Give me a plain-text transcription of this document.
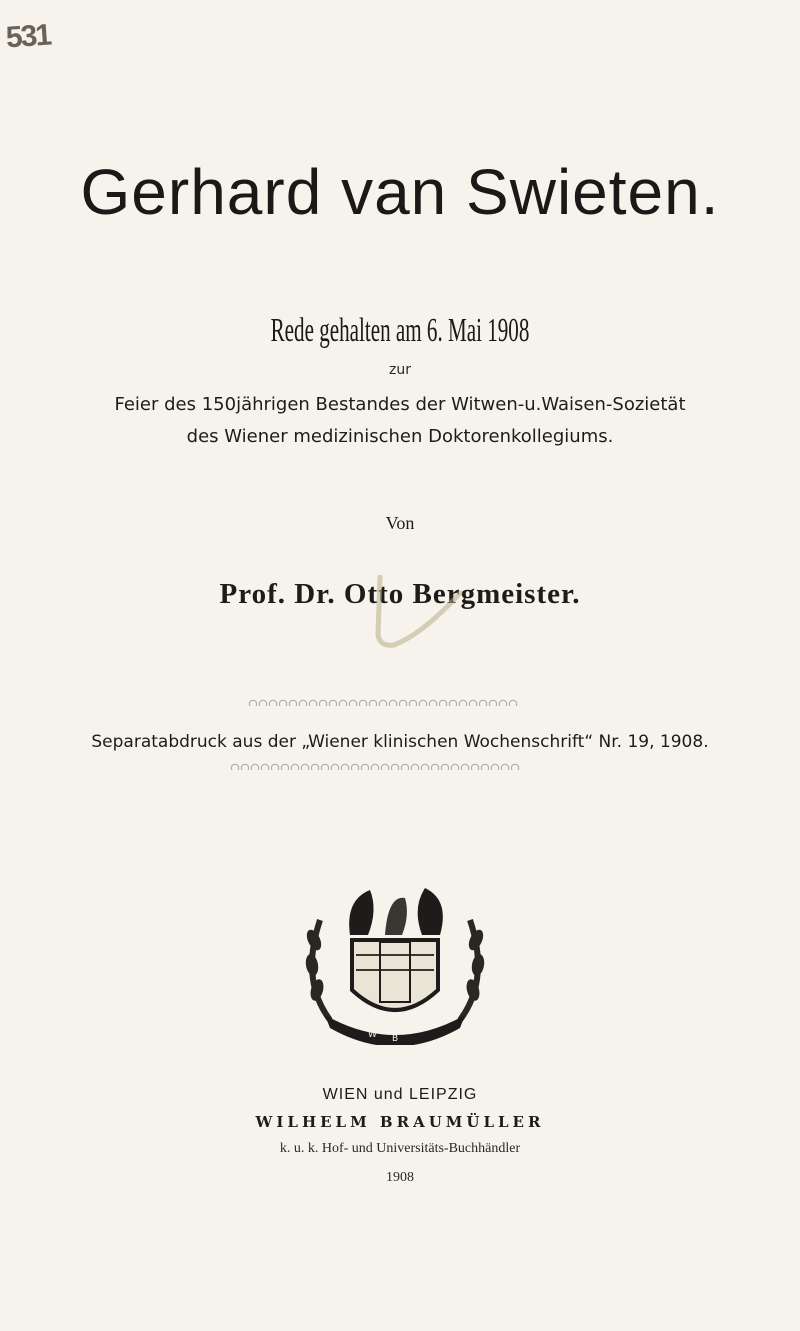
531
Gerhard van Swieten.
Rede gehalten am 6. Mai 1908
zur
Feier des 150jährigen Bestandes der Witwen-u.Waisen-Sozietät
des Wiener medizinischen Doktorenkollegiums.
Von
Prof. Dr. Otto Bergmeister.
Separatabdruck aus der „Wiener klinischen Wochenschrift“ Nr. 19, 1908.
W B
WIEN und LEIPZIG
WILHELM BRAUMÜLLER
k. u. k. Hof- und Universitäts-Buchhändler
1908
